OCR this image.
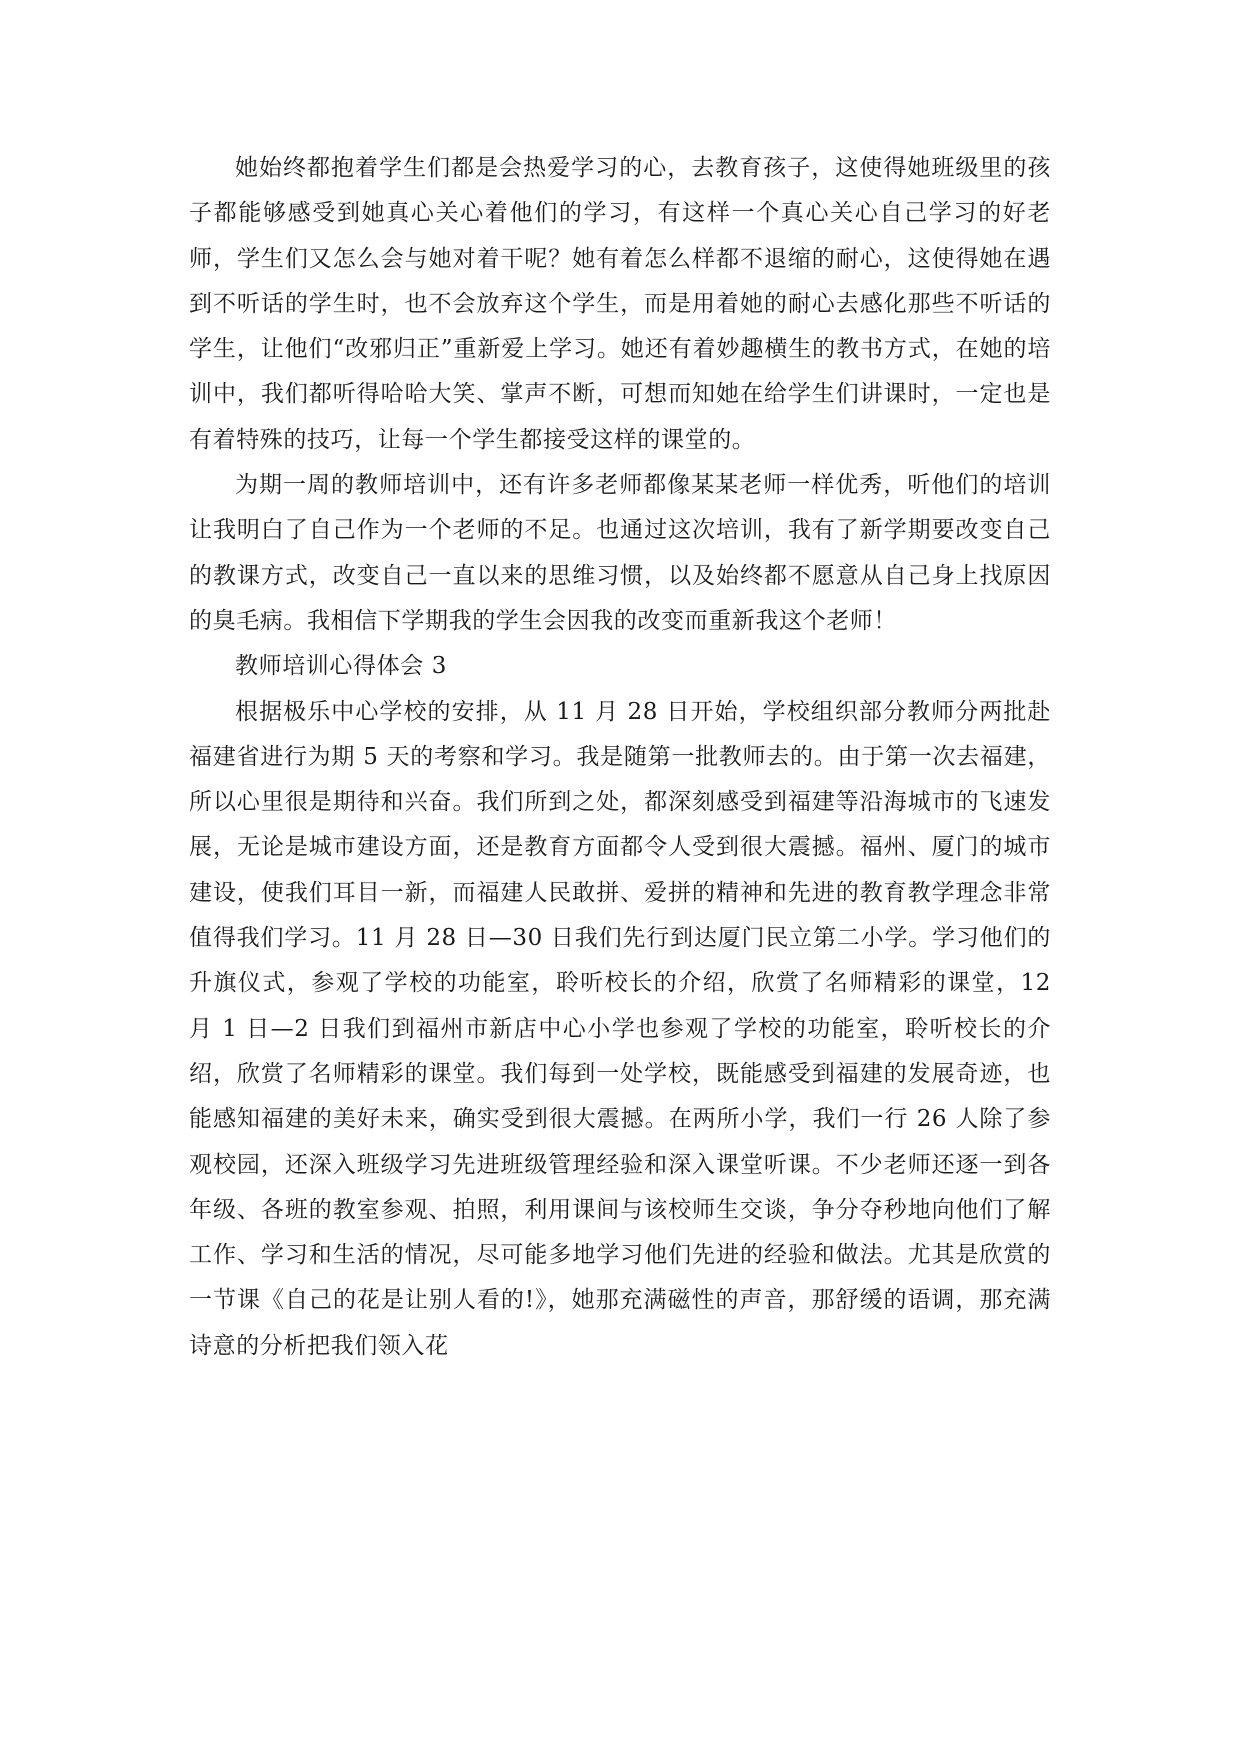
她始终都抱着学生们都是会热爱学习的心，去教育孩子，这使得她班级里的孩子都能够感受到她真心关心着他们的学习，有这样一个真心关心自己学习的好老师，学生们又怎么会与她对着干呢？她有着怎么样都不退缩的耐心，这使得她在遇到不听话的学生时，也不会放弃这个学生，而是用着她的耐心去感化那些不听话的学生，让他们“改邪归正”重新爱上学习。她还有着妙趣横生的教书方式，在她的培训中，我们都听得哈哈大笑、掌声不断，可想而知她在给学生们讲课时，一定也是有着特殊的技巧，让每一个学生都接受这样的课堂的。

为期一周的教师培训中，还有许多老师都像某某老师一样优秀，听他们的培训让我明白了自己作为一个老师的不足。也通过这次培训，我有了新学期要改变自己的教课方式，改变自己一直以来的思维习惯，以及始终都不愿意从自己身上找原因的臭毛病。我相信下学期我的学生会因我的改变而重新我这个老师！

教师培训心得体会 3

根据极乐中心学校的安排，从 11 月 28 日开始，学校组织部分教师分两批赴福建省进行为期 5 天的考察和学习。我是随第一批教师去的。由于第一次去福建，所以心里很是期待和兴奋。我们所到之处，都深刻感受到福建等沿海城市的飞速发展，无论是城市建设方面，还是教育方面都令人受到很大震撼。福州、厦门的城市建设，使我们耳目一新，而福建人民敢拼、爱拼的精神和先进的教育教学理念非常值得我们学习。11 月 28 日—30 日我们先行到达厦门民立第二小学。学习他们的升旗仪式，参观了学校的功能室，聆听校长的介绍，欣赏了名师精彩的课堂，12 月 1 日—2 日我们到福州市新店中心小学也参观了学校的功能室，聆听校长的介绍，欣赏了名师精彩的课堂。我们每到一处学校，既能感受到福建的发展奇迹，也能感知福建的美好未来，确实受到很大震撼。在两所小学，我们一行 26 人除了参观校园，还深入班级学习先进班级管理经验和深入课堂听课。不少老师还逐一到各年级、各班的教室参观、拍照，利用课间与该校师生交谈，争分夺秒地向他们了解工作、学习和生活的情况，尽可能多地学习他们先进的经验和做法。尤其是欣赏的一节课《自己的花是让别人看的!》，她那充满磁性的声音，那舒缓的语调，那充满诗意的分析把我们领入花
